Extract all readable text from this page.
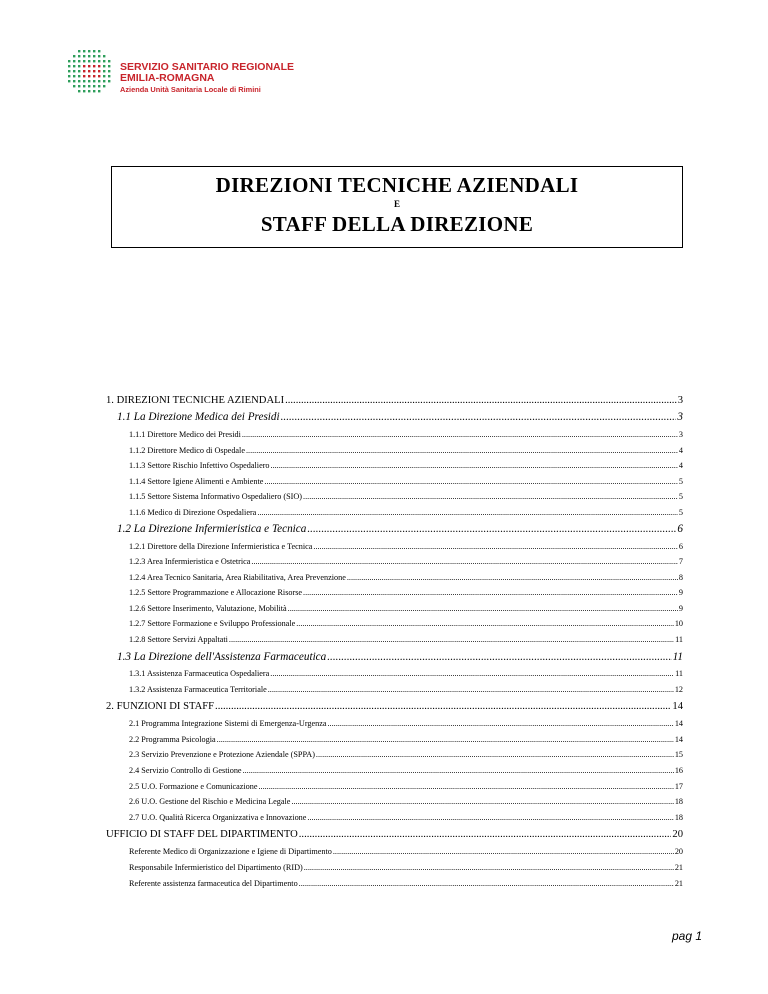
SERVIZIO SANITARIO REGIONALE
EMILIA-ROMAGNA
Azienda Unità Sanitaria Locale di Rimini
DIREZIONI TECNICHE AZIENDALI
E
STAFF DELLA DIREZIONE
1. DIREZIONI TECNICHE AZIENDALI .....	3
1.1 La Direzione Medica dei Presidi .....	3
1.1.1 Direttore Medico dei Presidi .....	3
1.1.2 Direttore Medico di Ospedale .....	4
1.1.3 Settore Rischio Infettivo Ospedaliero .....	4
1.1.4 Settore Igiene Alimenti e Ambiente .....	5
1.1.5 Settore Sistema Informativo Ospedaliero (SIO) .....	5
1.1.6 Medico di Direzione Ospedaliera .....	5
1.2 La Direzione Infermieristica e Tecnica .....	6
1.2.1 Direttore della Direzione Infermieristica e Tecnica .....	6
1.2.3 Area Infermieristica e Ostetrica .....	7
1.2.4 Area Tecnico Sanitaria, Area Riabilitativa, Area Prevenzione .....	8
1.2.5 Settore Programmazione e Allocazione Risorse .....	9
1.2.6 Settore Inserimento, Valutazione, Mobilità .....	9
1.2.7 Settore Formazione e Sviluppo Professionale .....	10
1.2.8 Settore Servizi Appaltati .....	11
1.3 La Direzione dell'Assistenza Farmaceutica .....	11
1.3.1 Assistenza Farmaceutica Ospedaliera .....	11
1.3.2 Assistenza Farmaceutica Territoriale .....	12
2. FUNZIONI DI STAFF .....	14
2.1 Programma Integrazione Sistemi di Emergenza-Urgenza .....	14
2.2 Programma Psicologia .....	14
2.3 Servizio Prevenzione e Protezione Aziendale (SPPA) .....	15
2.4 Servizio Controllo di Gestione .....	16
2.5 U.O. Formazione e Comunicazione .....	17
2.6 U.O. Gestione del Rischio e Medicina Legale .....	18
2.7 U.O. Qualità Ricerca Organizzativa e Innovazione .....	18
UFFICIO DI STAFF DEL DIPARTIMENTO .....	20
Referente Medico di Organizzazione e Igiene di Dipartimento .....	20
Responsabile Infermieristico del Dipartimento (RID) .....	21
Referente assistenza farmaceutica del Dipartimento .....	21
pag 1
